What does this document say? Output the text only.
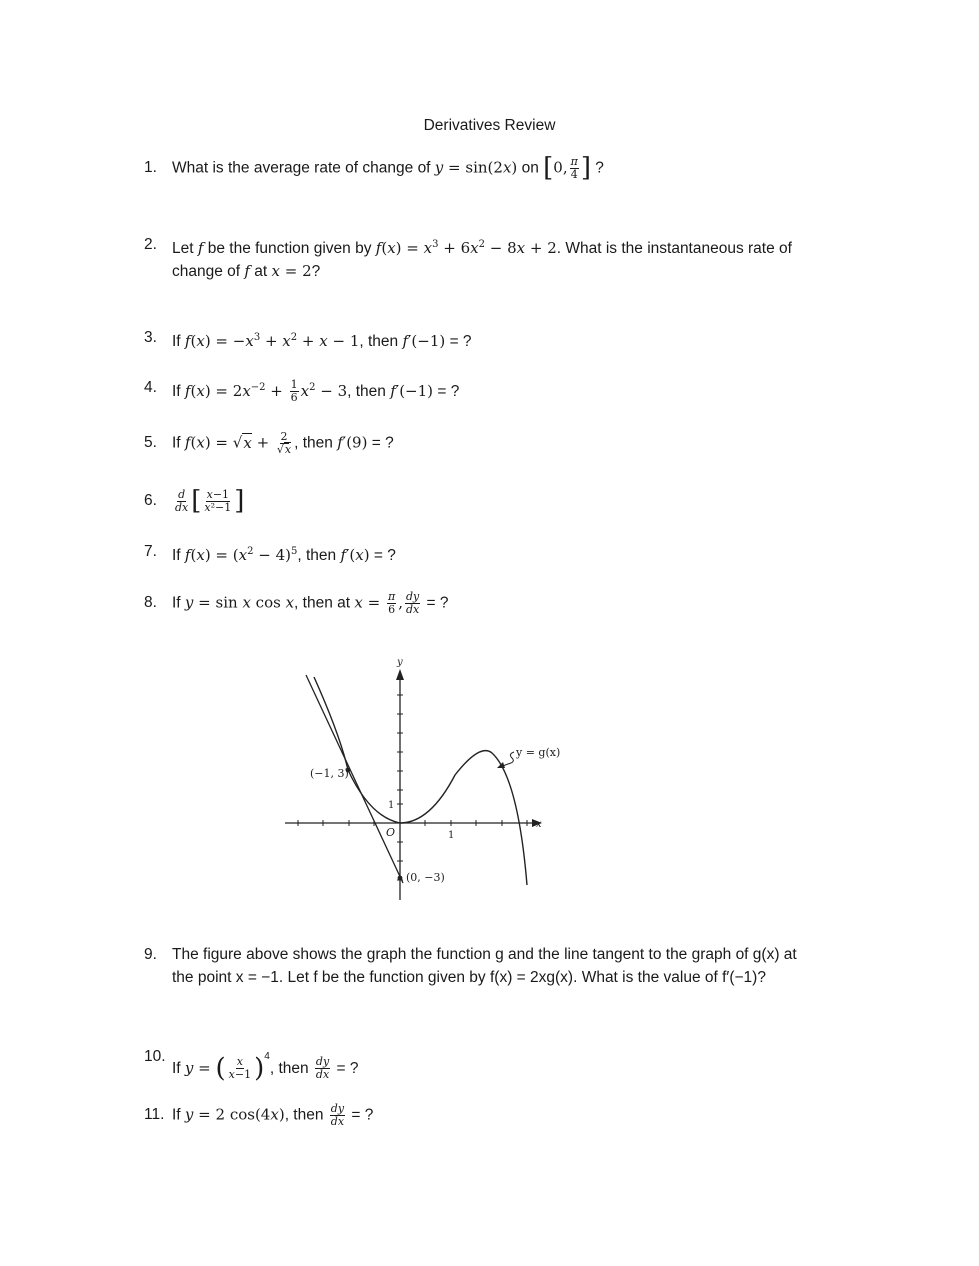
Derivatives Review
1. What is the average rate of change of y = sin(2x) on [0, $\frac{\pi}{4}$ ] ?
2. Let f be the function given by $f(x) = x^3 + 6x^2 - 8x + 2$. What is the instantaneous rate of
change of f at x = 2?
3. If $f(x) = -x^3 + x^2 + x - 1$, then f′(−1) = ?
4. If $f(x) = 2x^{-2} + \frac{1}{6} x^2 - 3$, then f′(−1) = ?
5. If $f(x) = √x + \frac{2}{√x}$ , then f′(9) = ?
6. $\frac{d}{dx}$ [ $\frac{x-1}{\text{x²−1}}$ ]
7. If $f(x) = (x^2 - 4)^5$, then f′(x) = ?
8. If y = sin x cos x, then at $x = \frac{\pi}{6}$ , $\frac{dy}{dx}$ = ?
y
x
y = g(x)
(−1, 3)
(0, −3)
1
1
O
9. The figure above shows the graph the function g and the line tangent to the graph of g(x) at
the point x = −1. Let f be the function given by f(x) = 2xg(x). What is the value of f′(−1)?
10.
If y = ( $\frac{x}{x-1} )^4$, then $\frac{dy}{dx}$ = ?
11. If y = 2 cos(4x), then $\frac{dy}{dx}$ = ?
